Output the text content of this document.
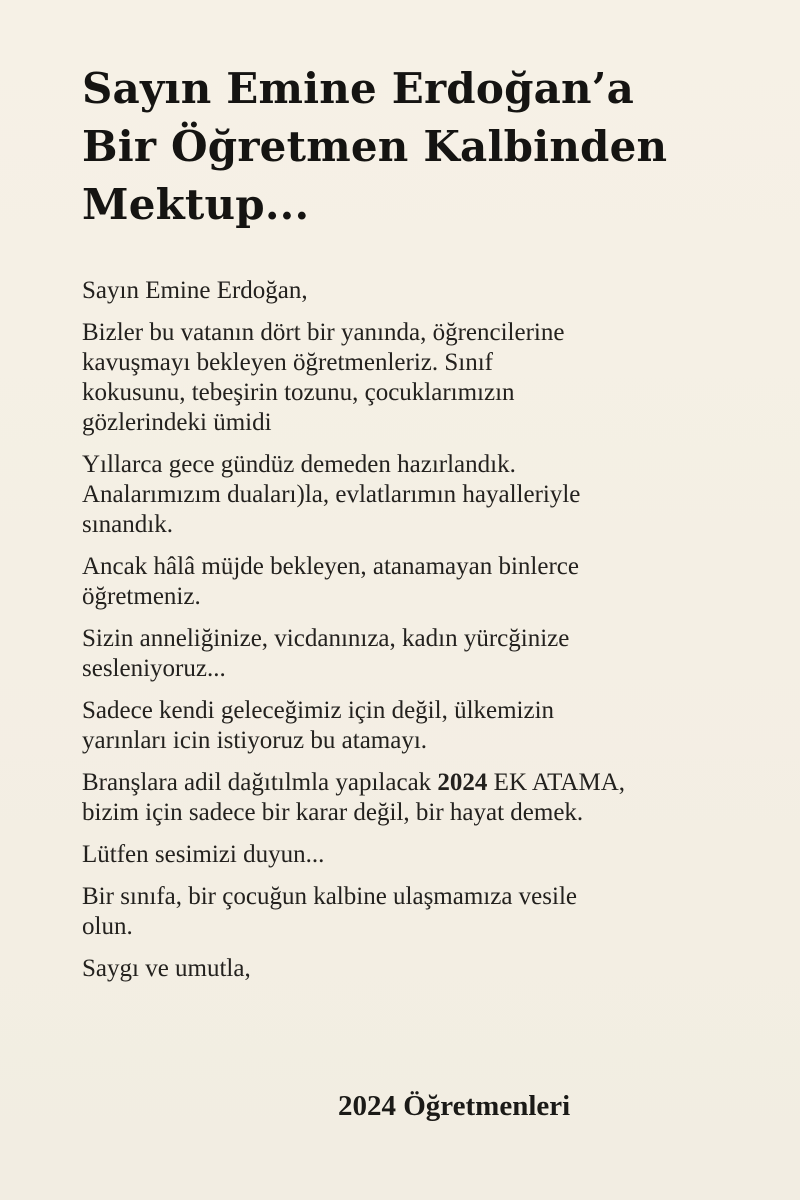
Sayın Emine Erdoğan’a
Bir Öğretmen Kalbinden
Mektup...

Sayın Emine Erdoğan,

Bizler bu vatanın dört bir yanında, öğrencilerine
kavuşmayı bekleyen öğretmenleriz. Sınıf
kokusunu, tebeşirin tozunu, çocuklarımızın
gözlerindeki ümidi

Yıllarca gece gündüz demeden hazırlandık.
Analarımızım duaları)la, evlatlarımın hayalleriyle
sınandık.

Ancak hâlâ müjde bekleyen, atanamayan binlerce
öğretmeniz.

Sizin anneliğinize, vicdanınıza, kadın yürcğinize
sesleniyoruz...

Sadece kendi geleceğimiz için değil, ülkemizin
yarınları icin istiyoruz bu atamayı.

Branşlara adil dağıtılmla yapılacak 2024 EK ATAMA,
bizim için sadece bir karar değil, bir hayat demek.

Lütfen sesimizi duyun...

Bir sınıfa, bir çocuğun kalbine ulaşmamıza vesile
olun.

Saygı ve umutla,

2024 Öğretmenleri
